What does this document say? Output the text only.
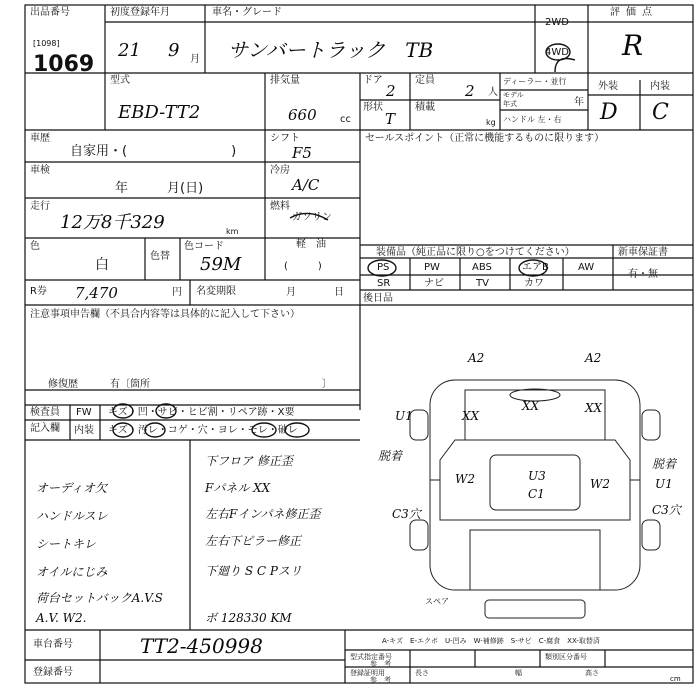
出品番号
[1098]
1069
初度登録年月
21 9 月
車名・グレード
サンバートラック　TB
2WD
4WD
評価点
R
型式
EBD-TT2
排気量
660 cc
ドア
2
定員
2 人
形状
T
積載
kg
ディーラー・並行
モデル
年式	年
ハンドル 左・右
外装	内装
D C
車歴
自家用・(　　　　　　　　)
シフト
F5
セールスポイント（正常に機能するものに限ります）
車検
年　　　月(日)
冷房
A/C
走行
12万8千329	km
燃料
ガソリン
軽　油
(　　　)
色
白
色替
色コード
59M
装備品（純正品に限り○をつけてください）
PS	PW	ABS	エアB	AW
SR	ナビ	TV	カワ
新車保証書
有・無
後日品
R券 7,470	円 名変期限	月	日
注意事項申告欄（不具合内容等は具体的に記入して下さい）
修復歴	有〔箇所	〕
検査員
記入欄
FW キズ・凹・サビ・ヒビ割・リペア跡・X要
内装 キズ・汚レ・コゲ・穴・ヨレ・モレ・破レ
オーディオ欠
ハンドルスレ
シートキレ
オイルにじみ
荷台セットバックA.V.S
A.V. W2.
下フロア 修正歪
Fパネル XX
左右Fインパネ修正歪
左右下ピラー修正
下廻り S C Pスリ
ボ 128330 KM
A2	A2
U1	XX
XX	XX
脱着
脱着
U1
W2	W2
U3
C1
C3穴	C3穴
スペア
A-キズ　E-エクボ　U-凹み　W-補修跡　S-サビ　C-腐食　XX-取替済
型式指定番号
参　考
類別区分番号
登録証明用
参　考
長さ	幅	高さ
cm
車台番号	TT2-450998
登録番号
